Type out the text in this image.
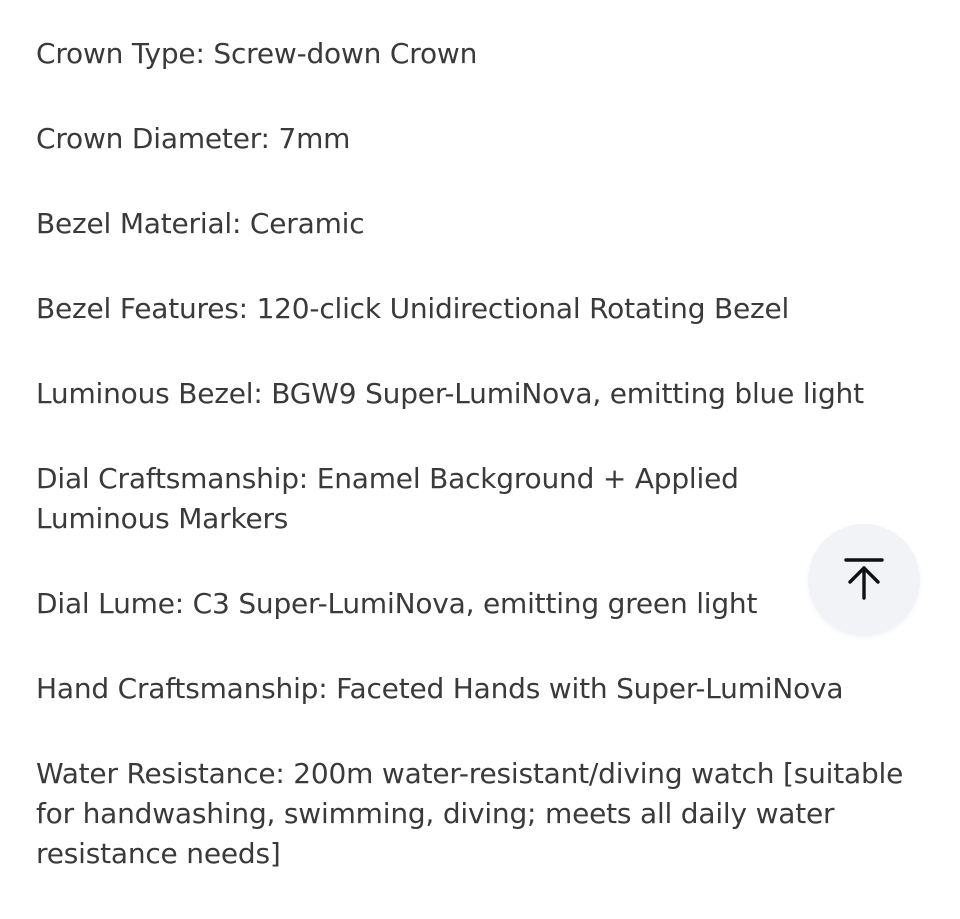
Crown Type: Screw-down Crown
Crown Diameter: 7mm
Bezel Material: Ceramic
Bezel Features: 120-click Unidirectional Rotating Bezel
Luminous Bezel: BGW9 Super-LumiNova, emitting blue light
Dial Craftsmanship: Enamel Background + Applied Luminous Markers
Dial Lume: C3 Super-LumiNova, emitting green light
Hand Craftsmanship: Faceted Hands with Super-LumiNova
Water Resistance: 200m water-resistant/diving watch [suitable for handwashing, swimming, diving; meets all daily water resistance needs]
